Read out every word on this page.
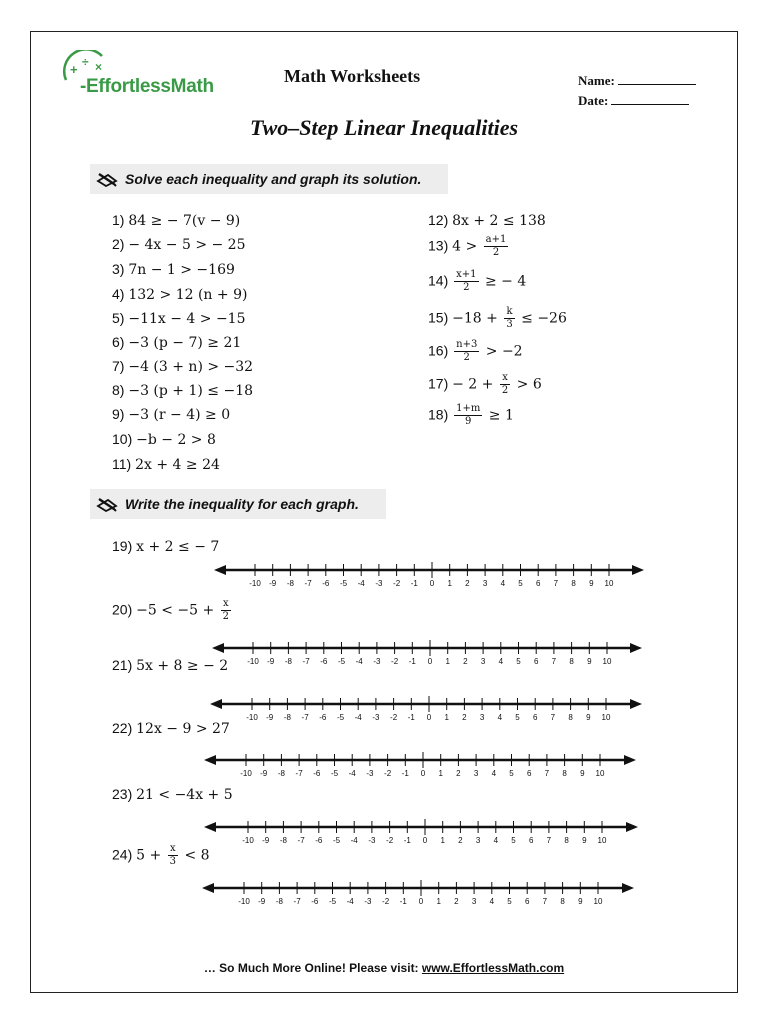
+ ÷ ×
-EffortlessMath	Math Worksheets	Name:
Date:
Two–Step Linear Inequalities
Solve each inequality and graph its solution.
1) 84 ≥ − 7(v − 9)
2) − 4x − 5 > − 25
3) 7n − 1 > −169
4) 132 > 12 (n + 9)
5) −11x − 4 > −15
6) −3 (p − 7) ≥ 21
7) −4 (3 + n) > −32
8) −3 (p + 1) ≤ −18
9) −3 (r − 4) ≥ 0
10) −b − 2 > 8
11) 2x + 4 ≥ 24
12) 8x + 2 ≤ 138
13) $4 > \frac{a+1}{2}$
$14) \frac{x+1}{2}$ ≥ − 4
$15) -18 + \frac{k}{3} \le -26$
$16) \frac{n+3}{2} > -2$
$17) - 2 + \frac{x}{2} > 6$
$18) \frac{1+m}{9} \ge 1$
Write the inequality for each graph.
19) x + 2 ≤ − 7
$20) -5 < -5 + \frac{x}{2}$
21) 5x + 8 ≥ − 2
22) 12x − 9 > 27
23) 21 < −4x + 5
24) $5 + \frac{x}{3} < 8$
-10 -9 -8 -7 -6 -5 -4 -3 -2 -1 0 1 2 3 4 5 6 7 8 9 10
-10 -9 -8 -7 -6 -5 -4 -3 -2 -1 0 1 2 3 4 5 6 7 8 9 10
-10 -9 -8 -7 -6 -5 -4 -3 -2 -1 0 1 2 3 4 5 6 7 8 9 10
-10 -9 -8 -7 -6 -5 -4 -3 -2 -1 0 1 2 3 4 5 6 7 8 9 10
-10 -9 -8 -7 -6 -5 -4 -3 -2 -1 0 1 2 3 4 5 6 7 8 9 10
-10 -9 -8 -7 -6 -5 -4 -3 -2 -1 0 1 2 3 4 5 6 7 8 9 10
… So Much More Online! Please visit: www.EffortlessMath.com
